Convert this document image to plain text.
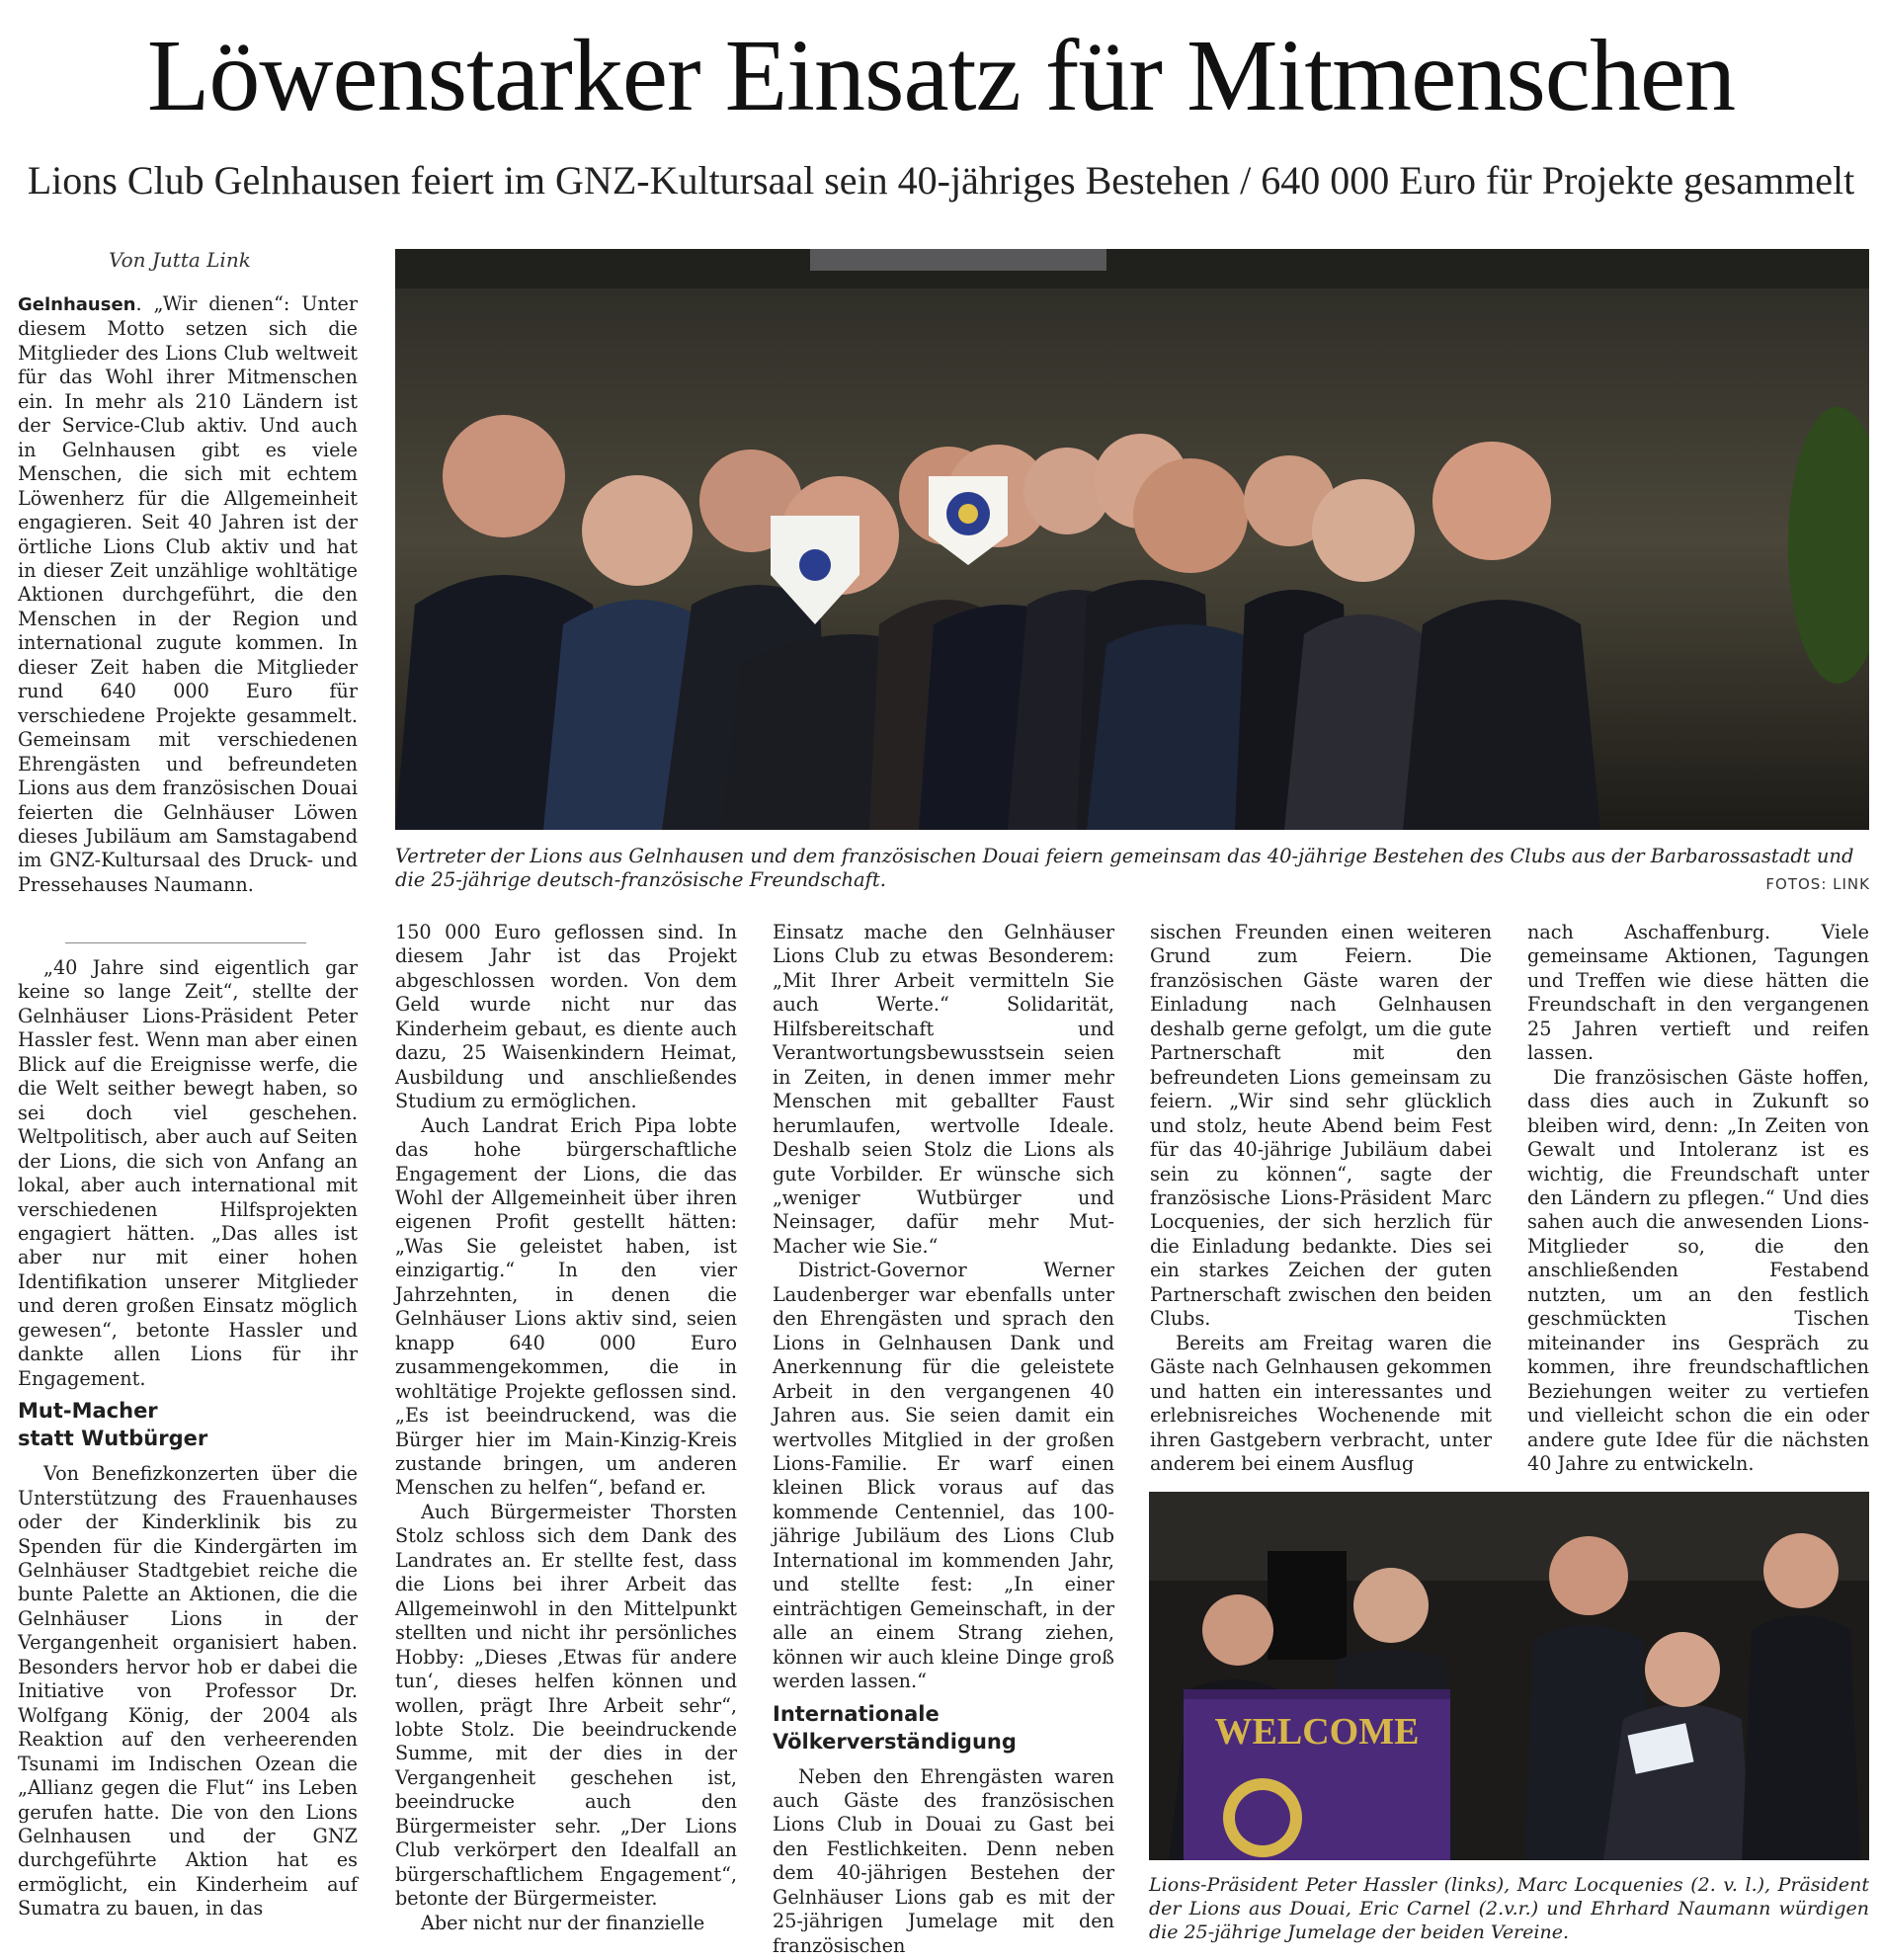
Löwenstarker Einsatz für Mitmenschen
Lions Club Gelnhausen feiert im GNZ-Kultursaal sein 40-jähriges Bestehen / 640 000 Euro für Projekte gesammelt
Von Jutta Link

Gelnhausen. „Wir dienen“: Unter diesem Motto setzen sich die Mitglieder des Lions Club weltweit für das Wohl ihrer Mitmenschen ein. In mehr als 210 Ländern ist der Service-Club aktiv. Und auch in Gelnhausen gibt es viele Menschen, die sich mit echtem Löwenherz für die Allgemeinheit engagieren. Seit 40 Jahren ist der örtliche Lions Club aktiv und hat in dieser Zeit unzählige wohltätige Aktionen durchgeführt, die den Menschen in der Region und international zugute kommen. In dieser Zeit haben die Mitglieder rund 640 000 Euro für verschiedene Projekte gesammelt. Gemeinsam mit verschiedenen Ehrengästen und befreundeten Lions aus dem französischen Douai feierten die Gelnhäuser Löwen dieses Jubiläum am Samstagabend im GNZ-Kultursaal des Druck- und Pressehauses Naumann.

„40 Jahre sind eigentlich gar keine so lange Zeit“, stellte der Gelnhäuser Lions-Präsident Peter Hassler fest. Wenn man aber einen Blick auf die Ereignisse werfe, die die Welt seither bewegt haben, so sei doch viel geschehen. Weltpolitisch, aber auch auf Seiten der Lions, die sich von Anfang an lokal, aber auch international mit verschiedenen Hilfsprojekten engagiert hätten. „Das alles ist aber nur mit einer hohen Identifikation unserer Mitglieder und deren großen Einsatz möglich gewesen“, betonte Hassler und dankte allen Lions für ihr Engagement.

Mut-Macher
statt Wutbürger

Von Benefizkonzerten über die Unterstützung des Frauenhauses oder der Kinderklinik bis zu Spenden für die Kindergärten im Gelnhäuser Stadtgebiet reiche die bunte Palette an Aktionen, die die Gelnhäuser Lions in der Vergangenheit organisiert haben. Besonders hervor hob er dabei die Initiative von Professor Dr. Wolfgang König, der 2004 als Reaktion auf den verheerenden Tsunami im Indischen Ozean die „Allianz gegen die Flut“ ins Leben gerufen hatte. Die von den Lions Gelnhausen und der GNZ durchgeführte Aktion hat es ermöglicht, ein Kinderheim auf Sumatra zu bauen, in das

Vertreter der Lions aus Gelnhausen und dem französischen Douai feiern gemeinsam das 40-jährige Bestehen des Clubs aus der Barbarossastadt und die 25-jährige deutsch-französische Freundschaft.	FOTOS: LINK

150 000 Euro geflossen sind. In diesem Jahr ist das Projekt abgeschlossen worden. Von dem Geld wurde nicht nur das Kinderheim gebaut, es diente auch dazu, 25 Waisenkindern Heimat, Ausbildung und anschließendes Studium zu ermöglichen.

Auch Landrat Erich Pipa lobte das hohe bürgerschaftliche Engagement der Lions, die das Wohl der Allgemeinheit über ihren eigenen Profit gestellt hätten: „Was Sie geleistet haben, ist einzigartig.“ In den vier Jahrzehnten, in denen die Gelnhäuser Lions aktiv sind, seien knapp 640 000 Euro zusammengekommen, die in wohltätige Projekte geflossen sind. „Es ist beeindruckend, was die Bürger hier im Main-Kinzig-Kreis zustande bringen, um anderen Menschen zu helfen“, befand er.

Auch Bürgermeister Thorsten Stolz schloss sich dem Dank des Landrates an. Er stellte fest, dass die Lions bei ihrer Arbeit das Allgemeinwohl in den Mittelpunkt stellten und nicht ihr persönliches Hobby: „Dieses ‚Etwas für andere tun‘, dieses helfen können und wollen, prägt Ihre Arbeit sehr“, lobte Stolz. Die beeindruckende Summe, mit der dies in der Vergangenheit geschehen ist, beeindrucke auch den Bürgermeister sehr. „Der Lions Club verkörpert den Idealfall an bürgerschaftlichem Engagement“, betonte der Bürgermeister.

Aber nicht nur der finanzielle

Einsatz mache den Gelnhäuser Lions Club zu etwas Besonderem: „Mit Ihrer Arbeit vermitteln Sie auch Werte.“ Solidarität, Hilfsbereitschaft und Verantwortungsbewusstsein seien in Zeiten, in denen immer mehr Menschen mit geballter Faust herumlaufen, wertvolle Ideale. Deshalb seien Stolz die Lions als gute Vorbilder. Er wünsche sich „weniger Wutbürger und Neinsager, dafür mehr Mut-Macher wie Sie.“

District-Governor Werner Laudenberger war ebenfalls unter den Ehrengästen und sprach den Lions in Gelnhausen Dank und Anerkennung für die geleistete Arbeit in den vergangenen 40 Jahren aus. Sie seien damit ein wertvolles Mitglied in der großen Lions-Familie. Er warf einen kleinen Blick voraus auf das kommende Centenniel, das 100-jährige Jubiläum des Lions Club International im kommenden Jahr, und stellte fest: „In einer einträchtigen Gemeinschaft, in der alle an einem Strang ziehen, können wir auch kleine Dinge groß werden lassen.“

Internationale
Völkerverständigung

Neben den Ehrengästen waren auch Gäste des französischen Lions Club in Douai zu Gast bei den Festlichkeiten. Denn neben dem 40-jährigen Bestehen der Gelnhäuser Lions gab es mit der 25-jährigen Jumelage mit den französischen

sischen Freunden einen weiteren Grund zum Feiern. Die französischen Gäste waren der Einladung nach Gelnhausen deshalb gerne gefolgt, um die gute Partnerschaft mit den befreundeten Lions gemeinsam zu feiern. „Wir sind sehr glücklich und stolz, heute Abend beim Fest für das 40-jährige Jubiläum dabei sein zu können“, sagte der französische Lions-Präsident Marc Locquenies, der sich herzlich für die Einladung bedankte. Dies sei ein starkes Zeichen der guten Partnerschaft zwischen den beiden Clubs.

Bereits am Freitag waren die Gäste nach Gelnhausen gekommen und hatten ein interessantes und erlebnisreiches Wochenende mit ihren Gastgebern verbracht, unter anderem bei einem Ausflug

nach Aschaffenburg. Viele gemeinsame Aktionen, Tagungen und Treffen wie diese hätten die Freundschaft in den vergangenen 25 Jahren vertieft und reifen lassen.

Die französischen Gäste hoffen, dass dies auch in Zukunft so bleiben wird, denn: „In Zeiten von Gewalt und Intoleranz ist es wichtig, die Freundschaft unter den Ländern zu pflegen.“ Und dies sahen auch die anwesenden Lions-Mitglieder so, die den anschließenden Festabend nutzten, um an den festlich geschmückten Tischen miteinander ins Gespräch zu kommen, ihre freundschaftlichen Beziehungen weiter zu vertiefen und vielleicht schon die ein oder andere gute Idee für die nächsten 40 Jahre zu entwickeln.

WELCOME
Lions-Präsident Peter Hassler (links), Marc Locquenies (2. v. l.), Präsident der Lions aus Douai, Eric Carnel (2.v.r.) und Ehrhard Naumann würdigen die 25-jährige Jumelage der beiden Vereine.
